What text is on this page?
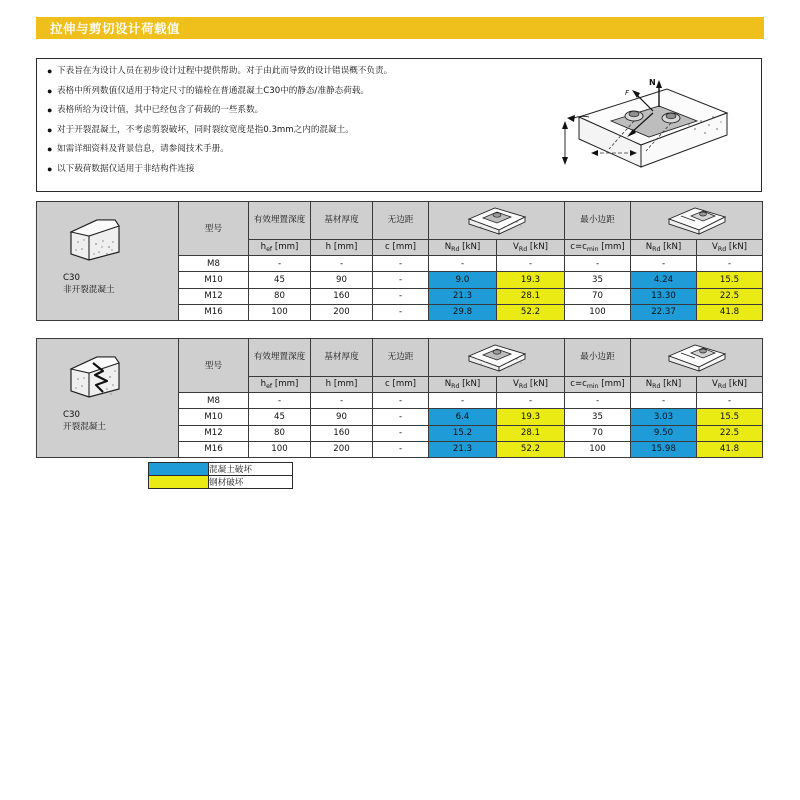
拉伸与剪切设计荷载值
● 下表旨在为设计人员在初步设计过程中提供帮助。对于由此而导致的设计错误概不负责。
● 表格中所列数值仅适用于特定尺寸的锚栓在普通混凝土C30中的静态/准静态荷载。
● 表格所给为设计值，其中已经包含了荷载的一些系数。
● 对于开裂混凝土，不考虑剪裂破坏，同时裂纹宽度是指0.3mm之内的混凝土。
● 如需详细资料及背景信息，请参阅技术手册。
● 以下载荷数据仅适用于非结构件连接
N
F
C30
非开裂混凝土	型号	有效埋置深度	基材厚度	无边距			最小边距	

		$h_{ef}$ [mm]	h [mm]	c [mm]	$N_{Rd}$ [kN]	$V_{Rd}$ [kN]	$c=c_{min}$ [mm]	$N_{Rd}$ [kN]	$V_{Rd}$ [kN]
	M8	-	-	-	-	-	-	-	-
	M10	45	90	-	9.0	19.3	35	4.24	15.5
	M12	80	160	-	21.3	28.1	70	13.30	22.5
	M16	100	200	-	29.8	52.2	100	22.37	41.8
C30
开裂混凝土	型号	有效埋置深度	基材厚度	无边距			最小边距	

		$h_{ef}$ [mm]	h [mm]	c [mm]	$N_{Rd}$ [kN]	$V_{Rd}$ [kN]	$c=c_{min}$ [mm]	$N_{Rd}$ [kN]	$V_{Rd}$ [kN]
	M8	-	-	-	-	-	-	-	-
	M10	45	90	-	6.4	19.3	35	3.03	15.5
	M12	80	160	-	15.2	28.1	70	9.50	22.5
	M16	100	200	-	21.3	52.2	100	15.98	41.8
	混凝土破坏
	钢材破坏
